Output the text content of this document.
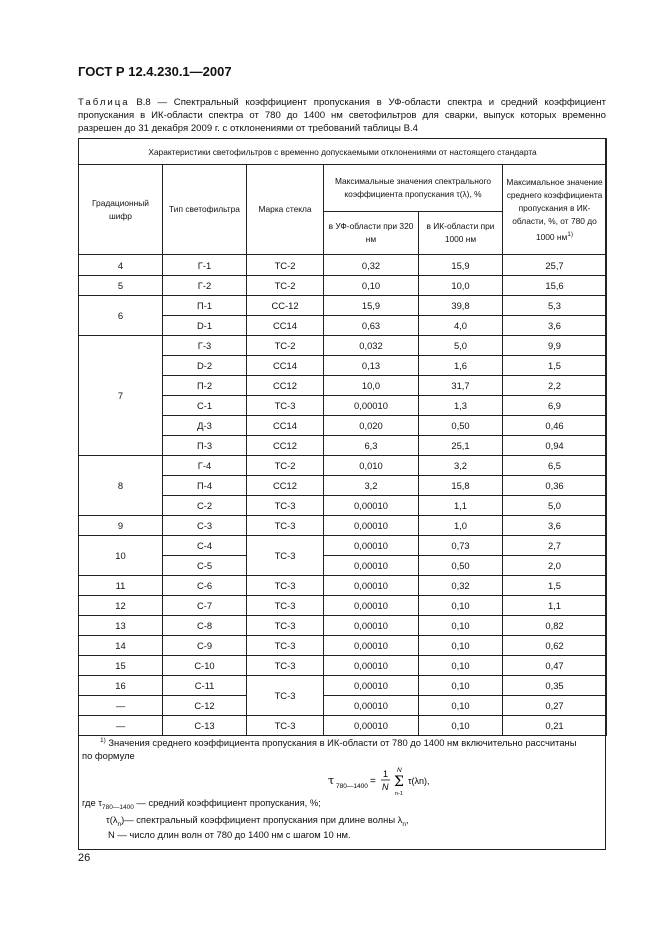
ГОСТ Р 12.4.230.1—2007
Таблица В.8 — Спектральный коэффициент пропускания в УФ-области спектра и средний коэффициент пропускания в ИК-области спектра от 780 до 1400 нм светофильтров для сварки, выпуск которых временно разрешен до 31 декабря 2009 г. с отклонениями от требований таблицы В.4
Характеристики светофильтров с временно допускаемыми отклонениями от настоящего стандарта					
Градационный шифр	Тип светофильтра	Марка стекла	Максимальные значения спектрального коэффициента пропускания τ(λ), %		Максимальное значение среднего коэффициента пропускания в ИК-области, %, от 780 до 1000 $нм^{1)}$
			в УФ-области при 320 нм	в ИК-области при 1000 нм	
4	Г-1	ТС-2	0,32	15,9	25,7
5	Г-2	ТС-2	0,10	10,0	15,6
6	П-1	СС-12	15,9	39,8	5,3
	D-1	CC14	0,63	4,0	3,6
7	Г-3	ТС-2	0,032	5,0	9,9
	D-2	CC14	0,13	1,6	1,5
	П-2	СС12	10,0	31,7	2,2
	С-1	ТС-3	0,00010	1,3	6,9
	Д-3	СС14	0,020	0,50	0,46
	П-3	СС12	6,3	25,1	0,94
8	Г-4	ТС-2	0,010	3,2	6,5
	П-4	СС12	3,2	15,8	0,36
	С-2	ТС-3	0,00010	1,1	5,0
9	С-3	ТС-3	0,00010	1,0	3,6
10	С-4	ТС-3	0,00010	0,73	2,7
	С-5		0,00010	0,50	2,0
11	С-6	ТС-3	0,00010	0,32	1,5
12	С-7	ТС-3	0,00010	0,10	1,1
13	С-8	ТС-3	0,00010	0,10	0,82
14	С-9	ТС-3	0,00010	0,10	0,62
15	С-10	ТС-3	0,00010	0,10	0,47
16	С-11	ТС-3	0,00010	0,10	0,35
—	С-12		0,00010	0,10	0,27
—	С-13	ТС-3	0,00010	0,10	0,21
$^{1)}$ Значения среднего коэффициента пропускания в ИК-области от 780 до 1400 нм включительно рассчитаны
по формуле
τ 780—1400 =
1
N
N
Σ
n-1
τ(λn),
где $\tau_{780—1400}$ — средний коэффициент пропускания, %;
$\tau(\lambda_n)—$ спектральный коэффициент пропускания при длине волны $\lambda_n$,
N — число длин волн от 780 до 1400 нм с шагом 10 нм.
26
